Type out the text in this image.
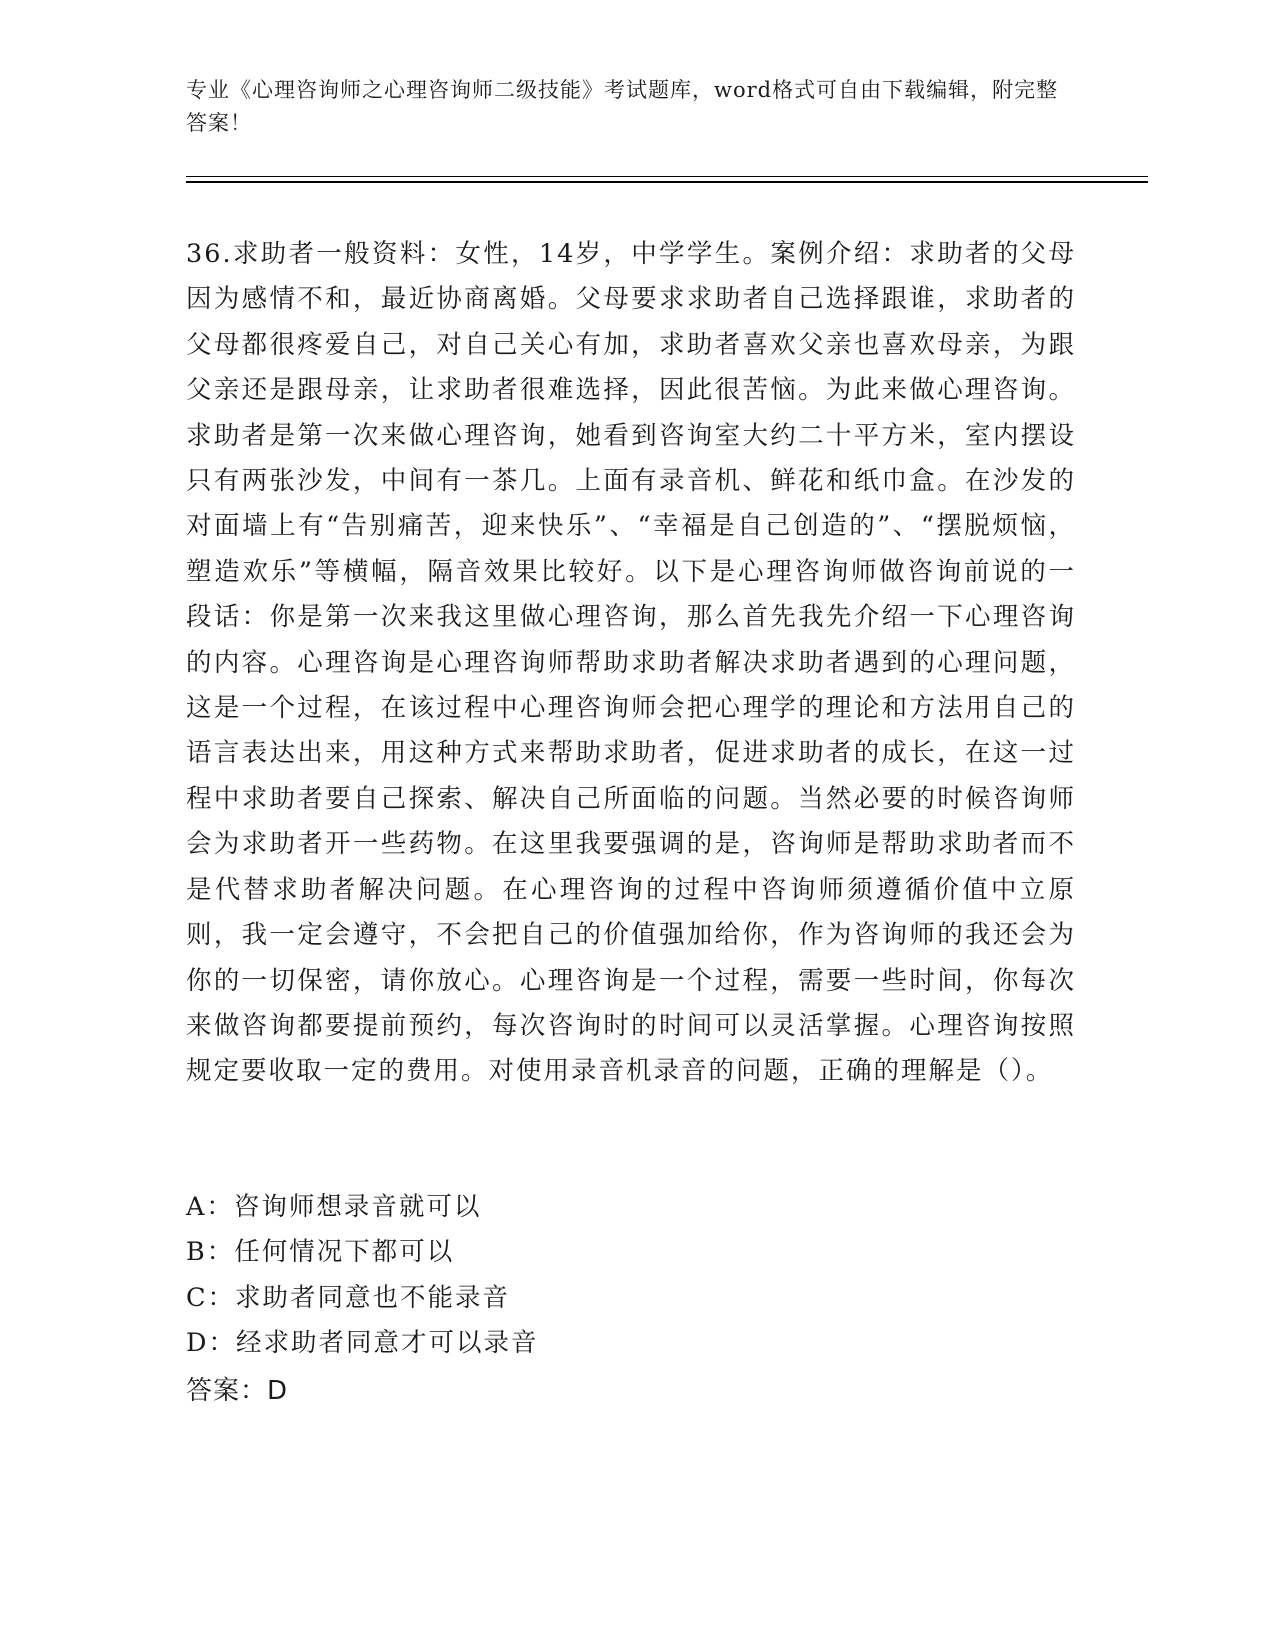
专业《心理咨询师之心理咨询师二级技能》考试题库，word格式可自由下载编辑，附完整答案！
36.求助者一般资料：女性，14岁，中学学生。案例介绍：求助者的父母因为感情不和，最近协商离婚。父母要求求助者自己选择跟谁，求助者的父母都很疼爱自己，对自己关心有加，求助者喜欢父亲也喜欢母亲，为跟父亲还是跟母亲，让求助者很难选择，因此很苦恼。为此来做心理咨询。求助者是第一次来做心理咨询，她看到咨询室大约二十平方米，室内摆设只有两张沙发，中间有一茶几。上面有录音机、鲜花和纸巾盒。在沙发的对面墙上有“告别痛苦，迎来快乐”、“幸福是自己创造的”、“摆脱烦恼，塑造欢乐”等横幅，隔音效果比较好。以下是心理咨询师做咨询前说的一段话：你是第一次来我这里做心理咨询，那么首先我先介绍一下心理咨询的内容。心理咨询是心理咨询师帮助求助者解决求助者遇到的心理问题，这是一个过程，在该过程中心理咨询师会把心理学的理论和方法用自己的语言表达出来，用这种方式来帮助求助者，促进求助者的成长，在这一过程中求助者要自己探索、解决自己所面临的问题。当然必要的时候咨询师会为求助者开一些药物。在这里我要强调的是，咨询师是帮助求助者而不是代替求助者解决问题。在心理咨询的过程中咨询师须遵循价值中立原则，我一定会遵守，不会把自己的价值强加给你，作为咨询师的我还会为你的一切保密，请你放心。心理咨询是一个过程，需要一些时间，你每次来做咨询都要提前预约，每次咨询时的时间可以灵活掌握。心理咨询按照规定要收取一定的费用。对使用录音机录音的问题，正确的理解是（）。
A：咨询师想录音就可以
B：任何情况下都可以
C：求助者同意也不能录音
D：经求助者同意才可以录音
答案：D
